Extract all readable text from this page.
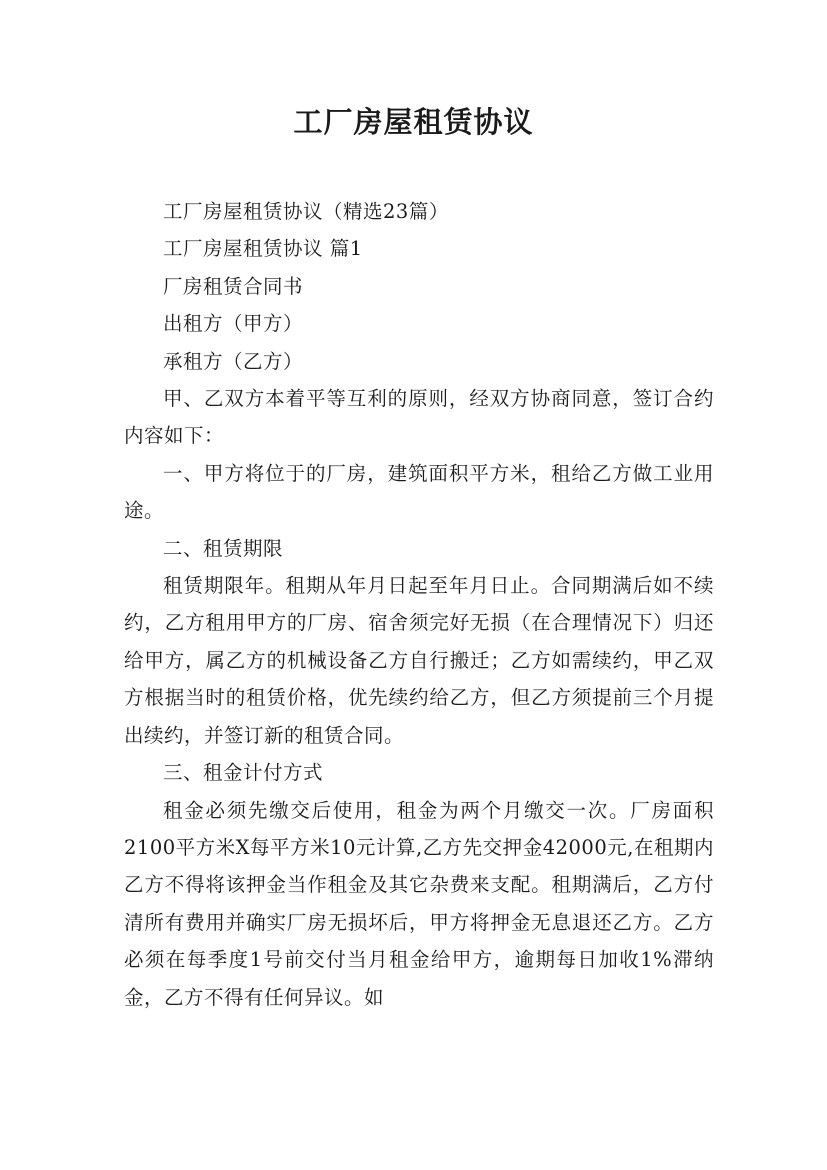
工厂房屋租赁协议

工厂房屋租赁协议（精选23篇）

工厂房屋租赁协议 篇1

厂房租赁合同书

出租方（甲方）

承租方（乙方）

甲、乙双方本着平等互利的原则，经双方协商同意，签订合约内容如下：

一、甲方将位于的厂房，建筑面积平方米，租给乙方做工业用途。

二、租赁期限

租赁期限年。租期从年月日起至年月日止。合同期满后如不续约，乙方租用甲方的厂房、宿舍须完好无损（在合理情况下）归还给甲方，属乙方的机械设备乙方自行搬迁；乙方如需续约，甲乙双方根据当时的租赁价格，优先续约给乙方，但乙方须提前三个月提出续约，并签订新的租赁合同。

三、租金计付方式

租金必须先缴交后使用，租金为两个月缴交一次。厂房面积2100平方米X每平方米10元计算,乙方先交押金42000元,在租期内乙方不得将该押金当作租金及其它杂费来支配。租期满后，乙方付清所有费用并确实厂房无损坏后，甲方将押金无息退还乙方。乙方必须在每季度1号前交付当月租金给甲方，逾期每日加收1%滞纳金，乙方不得有任何异议。如
